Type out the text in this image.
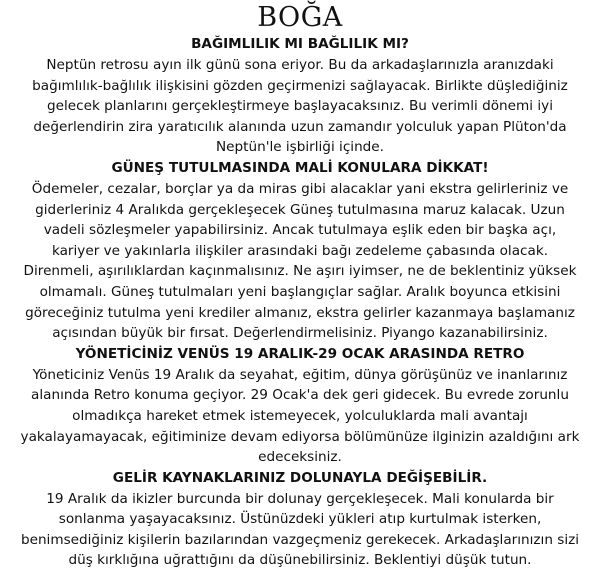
BOĞA

BAĞIMLILIK MI BAĞLILIK MI?

Neptün retrosu ayın ilk günü sona eriyor. Bu da arkadaşlarınızla aranızdaki
bağımlılık-bağlılık ilişkisini gözden geçirmenizi sağlayacak. Birlikte düşlediğiniz
gelecek planlarını gerçekleştirmeye başlayacaksınız. Bu verimli dönemi iyi
değerlendirin zira yaratıcılık alanında uzun zamandır yolculuk yapan Plüton'da
Neptün'le işbirliği içinde.

GÜNEŞ TUTULMASINDA MALİ KONULARA DİKKAT!

Ödemeler, cezalar, borçlar ya da miras gibi alacaklar yani ekstra gelirleriniz ve
giderleriniz 4 Aralıkda gerçekleşecek Güneş tutulmasına maruz kalacak. Uzun
vadeli sözleşmeler yapabilirsiniz. Ancak tutulmaya eşlik eden bir başka açı,
kariyer ve yakınlarla ilişkiler arasındaki bağı zedeleme çabasında olacak.
Direnmeli, aşırılıklardan kaçınmalısınız. Ne aşırı iyimser, ne de beklentiniz yüksek
olmamalı. Güneş tutulmaları yeni başlangıçlar sağlar. Aralık boyunca etkisini
göreceğiniz tutulma yeni krediler almanız, ekstra gelirler kazanmaya başlamanız
açısından büyük bir fırsat. Değerlendirmelisiniz. Piyango kazanabilirsiniz.

YÖNETİCİNİZ VENÜS 19 ARALIK-29 OCAK ARASINDA RETRO

Yöneticiniz Venüs 19 Aralık da seyahat, eğitim, dünya görüşünüz ve inanlarınız
alanında Retro konuma geçiyor. 29 Ocak'a dek geri gidecek. Bu evrede zorunlu
olmadıkça hareket etmek istemeyecek, yolculuklarda mali avantajı
yakalayamayacak, eğitiminize devam ediyorsa bölümünüze ilginizin azaldığını ark
edeceksiniz.

GELİR KAYNAKLARINIZ DOLUNAYLA DEĞİŞEBİLİR.

19 Aralık da ikizler burcunda bir dolunay gerçekleşecek. Mali konularda bir
sonlanma yaşayacaksınız. Üstünüzdeki yükleri atıp kurtulmak isterken,
benimsediğiniz kişilerin bazılarından vazgeçmeniz gerekecek. Arkadaşlarınızın sizi
düş kırklığına uğrattığını da düşünebilirsiniz. Beklentiyi düşük tutun.
